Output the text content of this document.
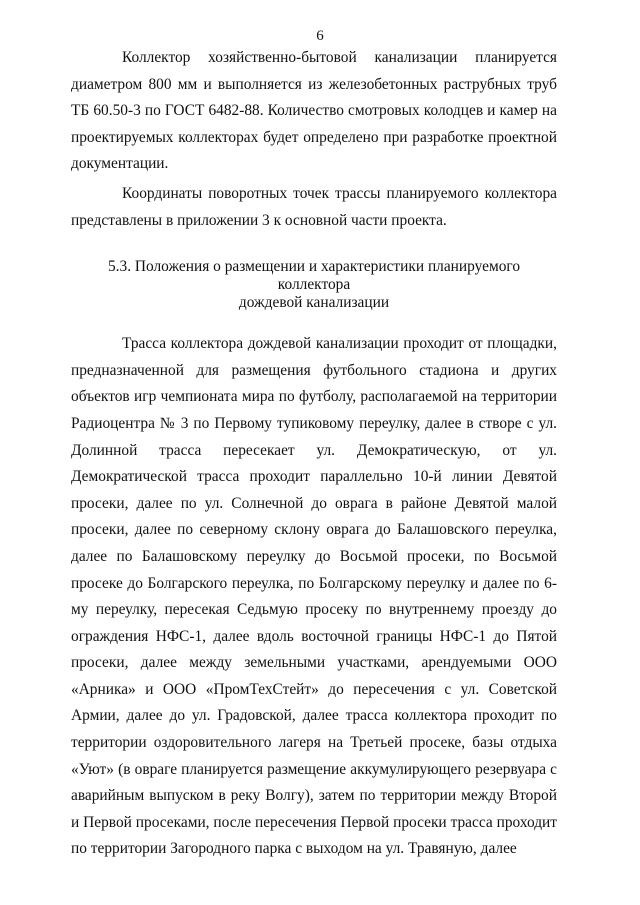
6

Коллектор хозяйственно-бытовой канализации планируется диаметром 800 мм и выполняется из железобетонных раструбных труб ТБ 60.50-3 по ГОСТ 6482-88. Количество смотровых колодцев и камер на проектируемых коллекторах будет определено при разработке проектной документации.

Координаты поворотных точек трассы планируемого коллектора представлены в приложении 3 к основной части проекта.

5.3. Положения о размещении и характеристики планируемого коллектора

дождевой канализации

Трасса коллектора дождевой канализации проходит от площадки, предназначенной для размещения футбольного стадиона и других объектов игр чемпионата мира по футболу, располагаемой на территории Радиоцентра № 3 по Первому тупиковому переулку, далее в створе с ул. Долинной трасса пересекает ул. Демократическую, от ул. Демократической трасса проходит параллельно 10-й линии Девятой просеки, далее по ул. Солнечной до оврага в районе Девятой малой просеки, далее по северному склону оврага до Балашовского переулка, далее по Балашовскому переулку до Восьмой просеки, по Восьмой просеке до Болгарского переулка, по Болгарскому переулку и далее по 6-му переулку, пересекая Седьмую просеку по внутреннему проезду до ограждения НФС-1, далее вдоль восточной границы НФС-1 до Пятой просеки, далее между земельными участками, арендуемыми ООО «Арника» и ООО «ПромТехСтейт» до пересечения с ул. Советской Армии, далее до ул. Градовской, далее трасса коллектора проходит по территории оздоровительного лагеря на Третьей просеке, базы отдыха «Уют» (в овраге планируется размещение аккумулирующего резервуара с аварийным выпуском в реку Волгу), затем по территории между Второй и Первой просеками, после пересечения Первой просеки трасса проходит по территории Загородного парка с выходом на ул. Травяную, далее
